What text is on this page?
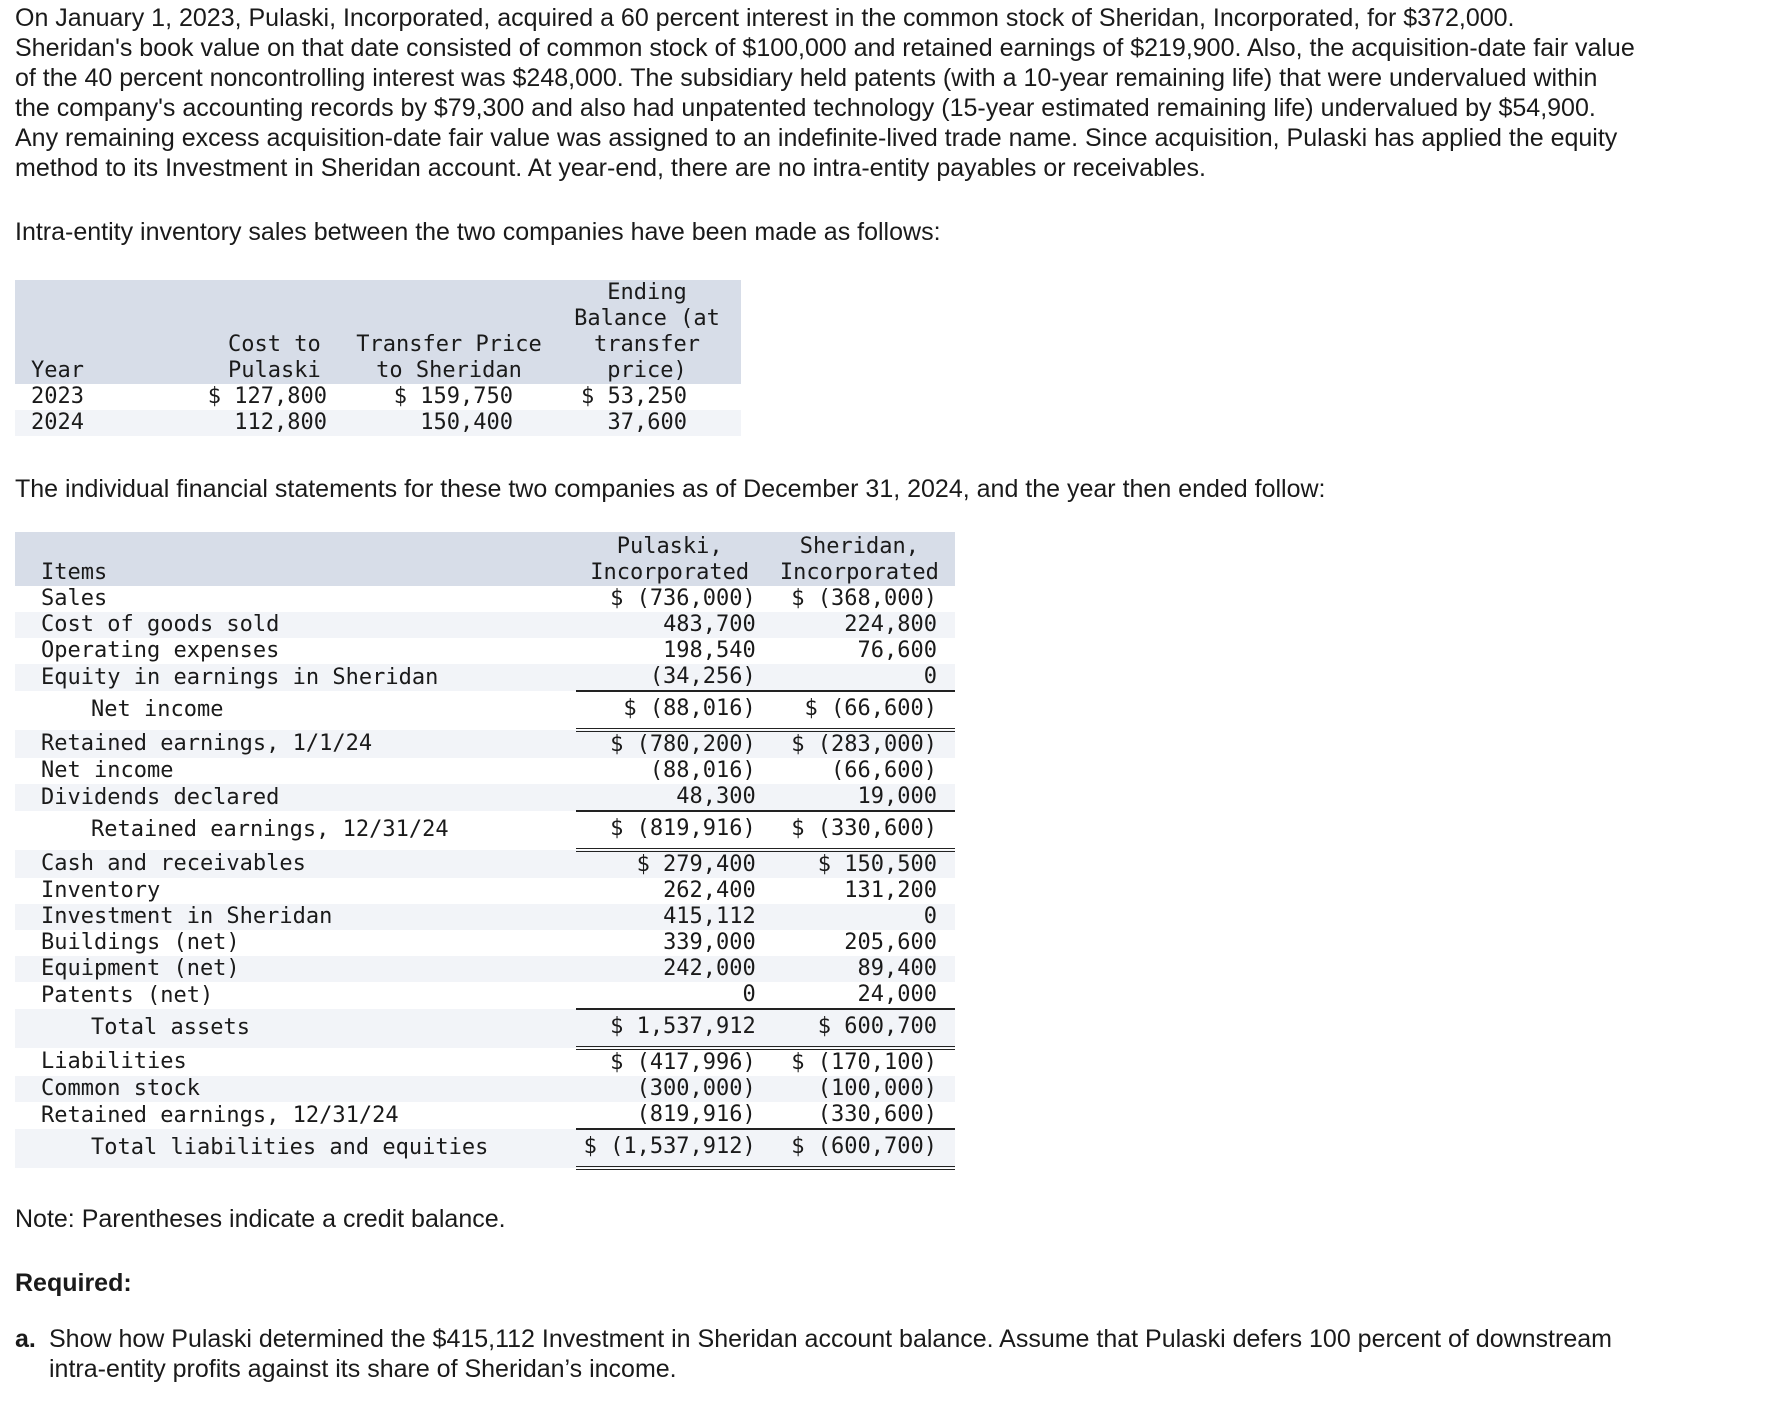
On January 1, 2023, Pulaski, Incorporated, acquired a 60 percent interest in the common stock of Sheridan, Incorporated, for $372,000. Sheridan's book value on that date consisted of common stock of $100,000 and retained earnings of $219,900. Also, the acquisition-date fair value of the 40 percent noncontrolling interest was $248,000. The subsidiary held patents (with a 10-year remaining life) that were undervalued within the company's accounting records by $79,300 and also had unpatented technology (15-year estimated remaining life) undervalued by $54,900. Any remaining excess acquisition-date fair value was assigned to an indefinite-lived trade name. Since acquisition, Pulaski has applied the equity method to its Investment in Sheridan account. At year-end, there are no intra-entity payables or receivables.

Intra-entity inventory sales between the two companies have been made as follows:

Year	Cost to Pulaski	Transfer Price to Sheridan	Ending Balance (at transfer price)
2023	$ 127,800	$ 159,750	$ 53,250
2024	112,800	150,400	37,600

The individual financial statements for these two companies as of December 31, 2024, and the year then ended follow:

Items	Pulaski, Incorporated	Sheridan, Incorporated
Sales	$ (736,000)	$ (368,000)
Cost of goods sold	483,700	224,800
Operating expenses	198,540	76,600
Equity in earnings in Sheridan	(34,256)	0
Net income	$ (88,016)	$ (66,600)
Retained earnings, 1/1/24	$ (780,200)	$ (283,000)
Net income	(88,016)	(66,600)
Dividends declared	48,300	19,000
Retained earnings, 12/31/24	$ (819,916)	$ (330,600)
Cash and receivables	$ 279,400	$ 150,500
Inventory	262,400	131,200
Investment in Sheridan	415,112	0
Buildings (net)	339,000	205,600
Equipment (net)	242,000	89,400
Patents (net)	0	24,000
Total assets	$ 1,537,912	$ 600,700
Liabilities	$ (417,996)	$ (170,100)
Common stock	(300,000)	(100,000)
Retained earnings, 12/31/24	(819,916)	(330,600)
Total liabilities and equities	$ (1,537,912)	$ (600,700)

Note: Parentheses indicate a credit balance.

Required:

a. Show how Pulaski determined the $415,112 Investment in Sheridan account balance. Assume that Pulaski defers 100 percent of downstream intra-entity profits against its share of Sheridan’s income.
